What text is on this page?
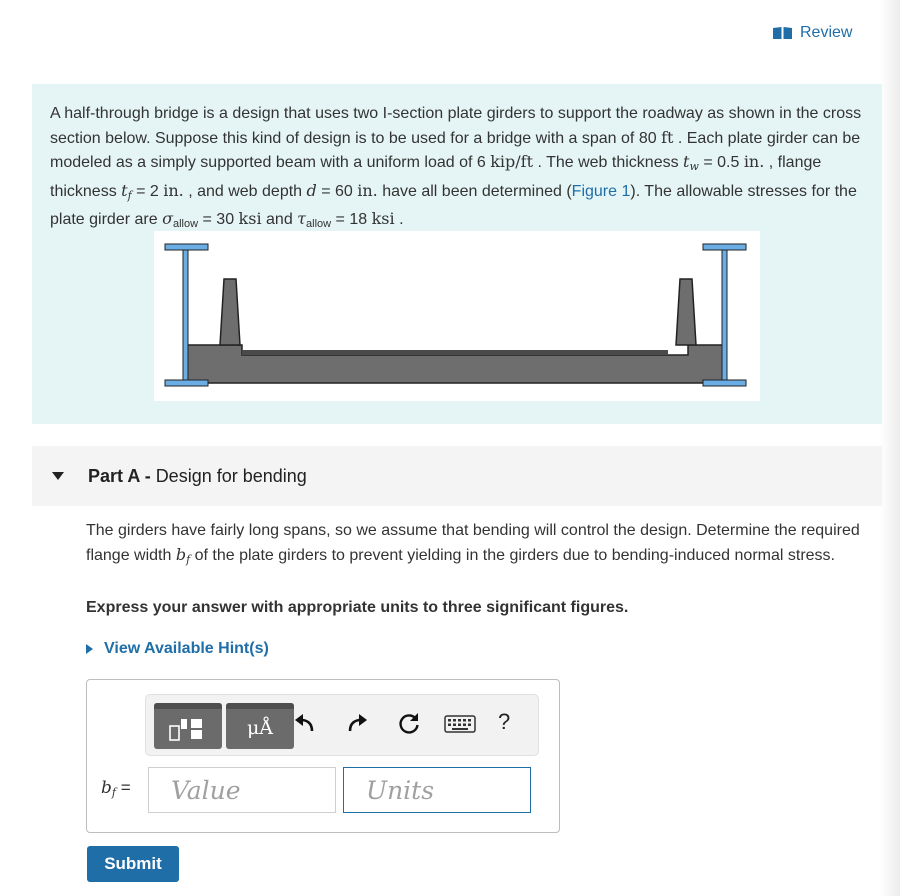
Review
A half-through bridge is a design that uses two I-section plate girders to support the roadway as shown in the cross section below. Suppose this kind of design is to be used for a bridge with a span of 80 ft . Each plate girder can be modeled as a simply supported beam with a uniform load of 6 kip/ft . The web thickness $t_w = 0.5$ in. , flange thickness $t_f = 2$ in. , and web depth d = 60 in. have all been determined (Figure 1). The allowable stresses for the plate girder are $\sigma_{allow} = 30$ ksi and $\tau_{allow} = 18$ ksi .
Part A - Design for bending
The girders have fairly long spans, so we assume that bending will control the design. Determine the required flange width $b_f$ of the plate girders to prevent yielding in the girders due to bending-induced normal stress.
Express your answer with appropriate units to three significant figures.
View Available Hint(s)
μÅ	?
$b_f$ =
Value
Units
Submit
